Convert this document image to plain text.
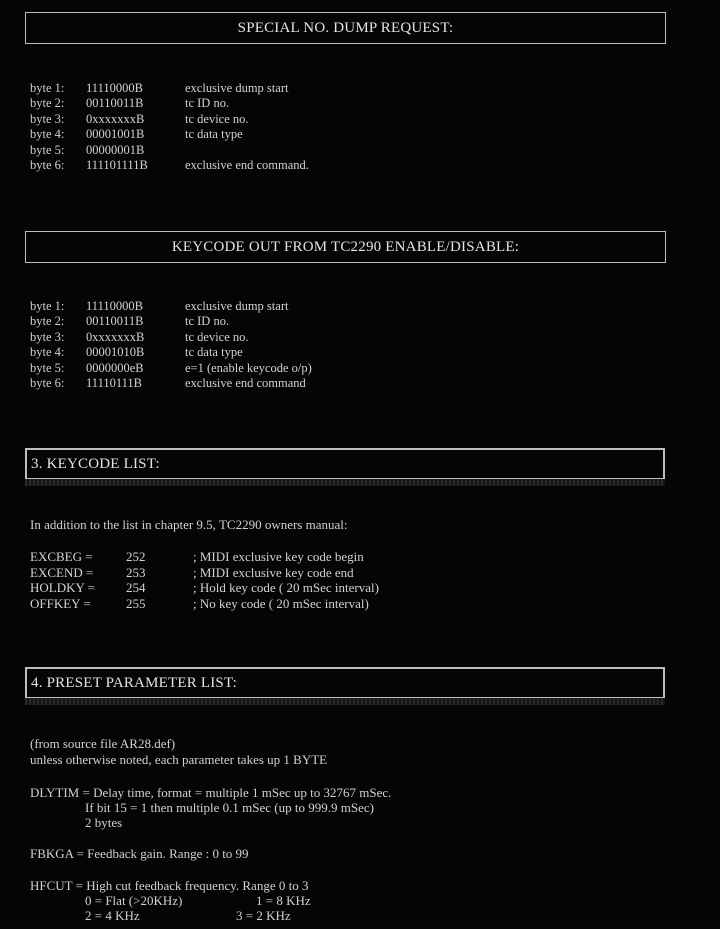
SPECIAL NO. DUMP REQUEST:
byte 1: 11110000B	exclusive dump start
byte 2: 00110011B	tc ID no.
byte 3: 0xxxxxxxB	tc device no.
byte 4: 00001001B	tc data type
byte 5: 00000001B
byte 6: 111101111B	exclusive end command.
KEYCODE OUT FROM TC2290 ENABLE/DISABLE:
byte 1: 11110000B	exclusive dump start
byte 2: 00110011B	tc ID no.
byte 3: 0xxxxxxxB	tc device no.
byte 4: 00001010B	tc data type
byte 5: 0000000eB	e=1 (enable keycode o/p)
byte 6: 11110111B	exclusive end command
3. KEYCODE LIST:
In addition to the list in chapter 9.5, TC2290 owners manual:
EXCBEG =	252	; MIDI exclusive key code begin
EXCEND =	253	; MIDI exclusive key code end
HOLDKY = 254	; Hold key code ( 20 mSec interval)
OFFKEY =	255	; No key code ( 20 mSec interval)
4. PRESET PARAMETER LIST:
(from source file AR28.def)
unless otherwise noted, each parameter takes up 1 BYTE
DLYTIM = Delay time, format = multiple 1 mSec up to 32767 mSec.
If bit 15 = 1 then multiple 0.1 mSec (up to 999.9 mSec)
2 bytes
FBKGA = Feedback gain. Range : 0 to 99
HFCUT = High cut feedback frequency. Range 0 to 3
0 = Flat (>20KHz)	1 = 8 KHz
2 = 4 KHz	3 = 2 KHz
